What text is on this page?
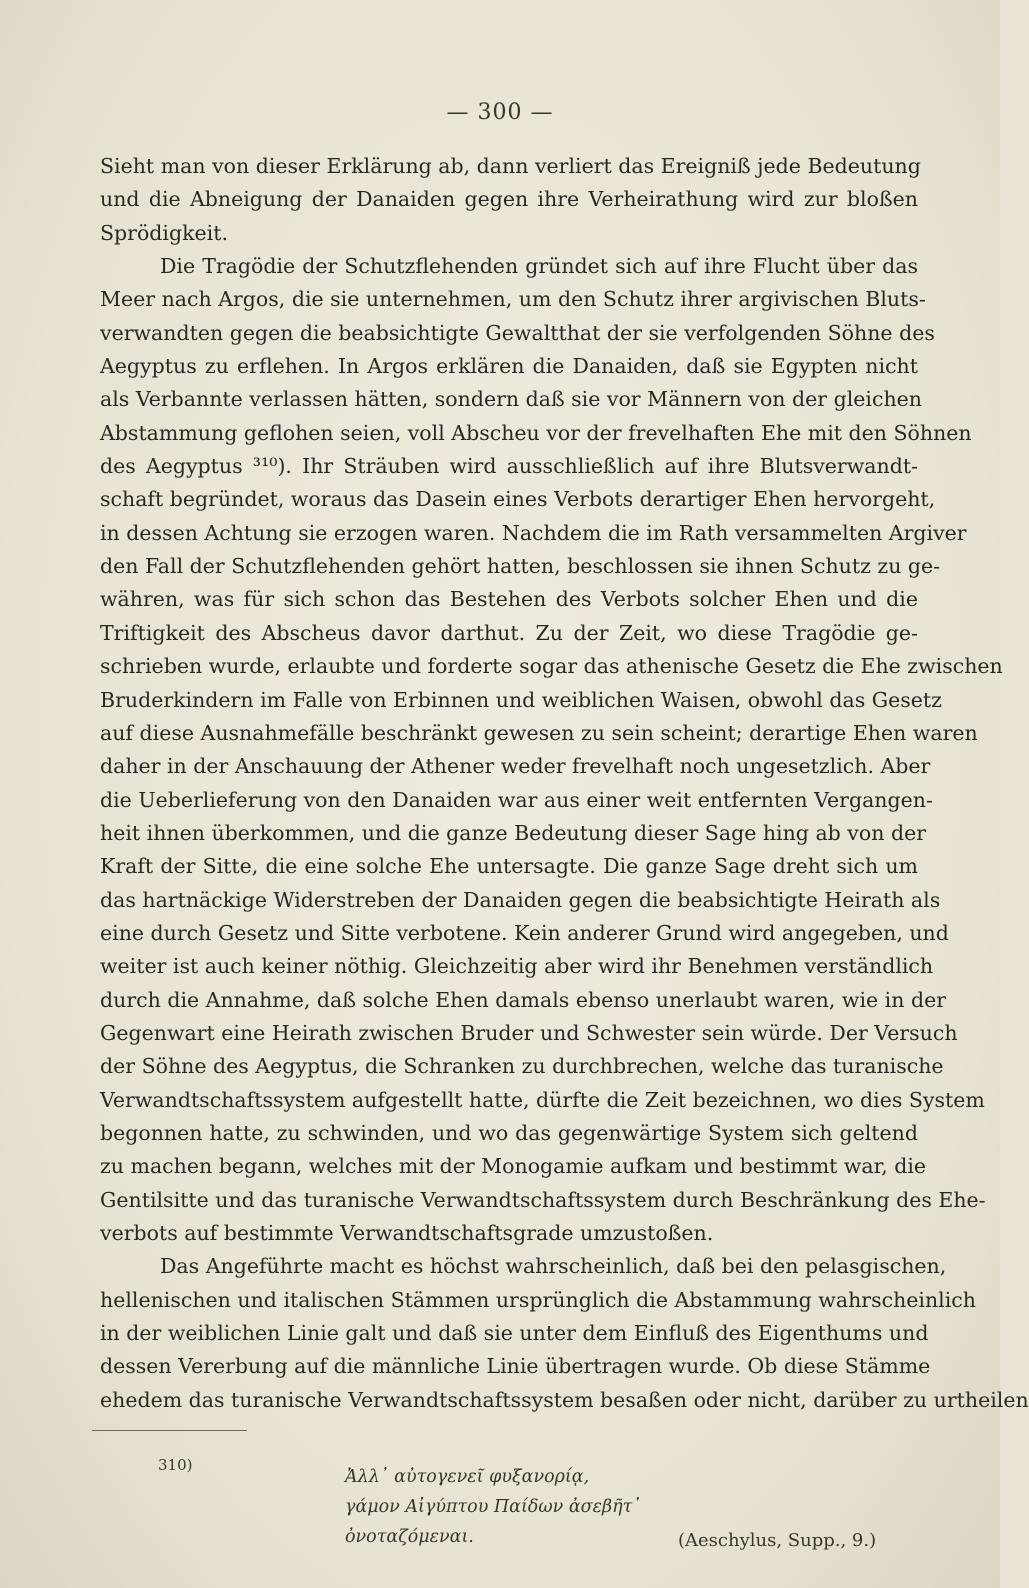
— 300 —
Sieht man von dieser Erklärung ab, dann verliert das Ereigniß jede Bedeutung
und die Abneigung der Danaiden gegen ihre Verheirathung wird zur bloßen
Sprödigkeit.
Die Tragödie der Schutzflehenden gründet sich auf ihre Flucht über das
Meer nach Argos, die sie unternehmen, um den Schutz ihrer argivischen Bluts-
verwandten gegen die beabsichtigte Gewaltthat der sie verfolgenden Söhne des
Aegyptus zu erflehen. In Argos erklären die Danaiden, daß sie Egypten nicht
als Verbannte verlassen hätten, sondern daß sie vor Männern von der gleichen
Abstammung geflohen seien, voll Abscheu vor der frevelhaften Ehe mit den Söhnen
des Aegyptus ³¹⁰). Ihr Sträuben wird ausschließlich auf ihre Blutsverwandt-
schaft begründet, woraus das Dasein eines Verbots derartiger Ehen hervorgeht,
in dessen Achtung sie erzogen waren. Nachdem die im Rath versammelten Argiver
den Fall der Schutzflehenden gehört hatten, beschlossen sie ihnen Schutz zu ge-
währen, was für sich schon das Bestehen des Verbots solcher Ehen und die
Triftigkeit des Abscheus davor darthut. Zu der Zeit, wo diese Tragödie ge-
schrieben wurde, erlaubte und forderte sogar das athenische Gesetz die Ehe zwischen
Bruderkindern im Falle von Erbinnen und weiblichen Waisen, obwohl das Gesetz
auf diese Ausnahmefälle beschränkt gewesen zu sein scheint; derartige Ehen waren
daher in der Anschauung der Athener weder frevelhaft noch ungesetzlich. Aber
die Ueberlieferung von den Danaiden war aus einer weit entfernten Vergangen-
heit ihnen überkommen, und die ganze Bedeutung dieser Sage hing ab von der
Kraft der Sitte, die eine solche Ehe untersagte. Die ganze Sage dreht sich um
das hartnäckige Widerstreben der Danaiden gegen die beabsichtigte Heirath als
eine durch Gesetz und Sitte verbotene. Kein anderer Grund wird angegeben, und
weiter ist auch keiner nöthig. Gleichzeitig aber wird ihr Benehmen verständlich
durch die Annahme, daß solche Ehen damals ebenso unerlaubt waren, wie in der
Gegenwart eine Heirath zwischen Bruder und Schwester sein würde. Der Versuch
der Söhne des Aegyptus, die Schranken zu durchbrechen, welche das turanische
Verwandtschaftssystem aufgestellt hatte, dürfte die Zeit bezeichnen, wo dies System
begonnen hatte, zu schwinden, und wo das gegenwärtige System sich geltend
zu machen begann, welches mit der Monogamie aufkam und bestimmt war, die
Gentilsitte und das turanische Verwandtschaftssystem durch Beschränkung des Ehe-
verbots auf bestimmte Verwandtschaftsgrade umzustoßen.
Das Angeführte macht es höchst wahrscheinlich, daß bei den pelasgischen,
hellenischen und italischen Stämmen ursprünglich die Abstammung wahrscheinlich
in der weiblichen Linie galt und daß sie unter dem Einfluß des Eigenthums und
dessen Vererbung auf die männliche Linie übertragen wurde. Ob diese Stämme
ehedem das turanische Verwandtschaftssystem besaßen oder nicht, darüber zu urtheilen
310)
Ἀλλ᾽ αὐτογενεῖ φυξανορίᾳ,
γάμον Αἰγύπτου Παίδων ἀσεβῆτ᾽
ὀνοταζόμεναι.	(Aeschylus, Supp., 9.)
